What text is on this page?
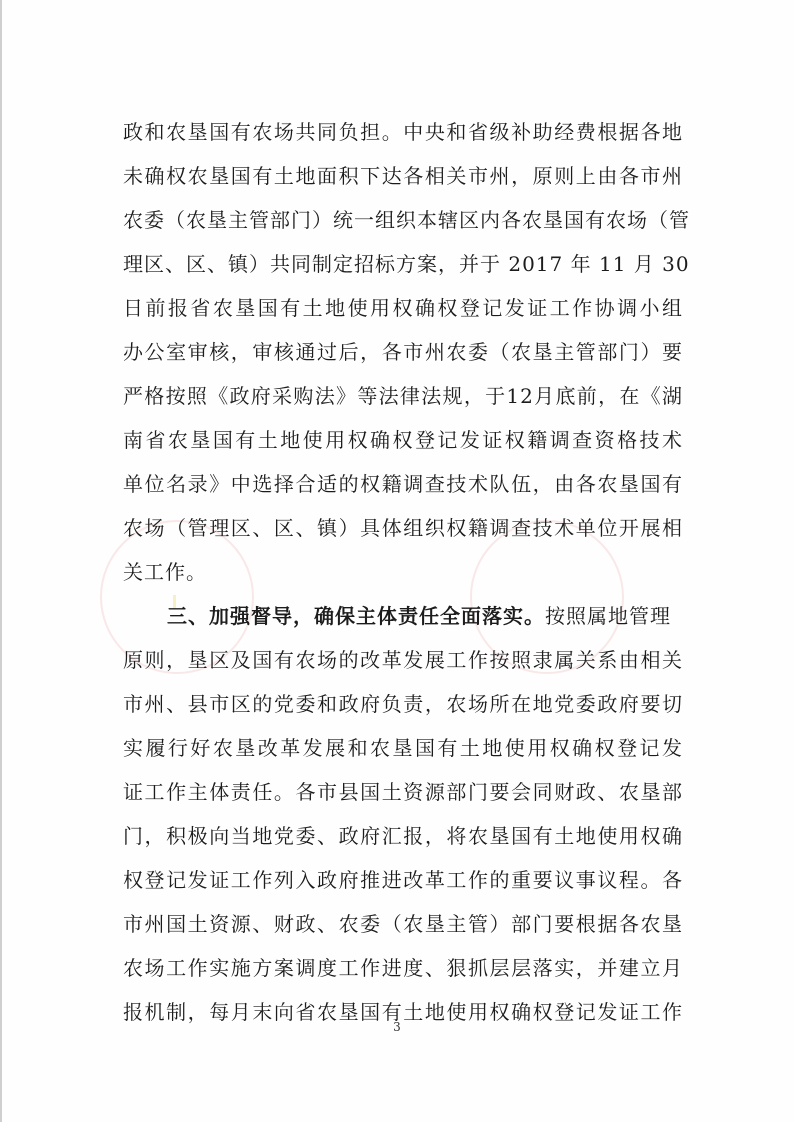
政和农垦国有农场共同负担。中央和省级补助经费根据各地
未确权农垦国有土地面积下达各相关市州，原则上由各市州
农委（农垦主管部门）统一组织本辖区内各农垦国有农场（管
理区、区、镇）共同制定招标方案，并于 2017 年 11 月 30
日前报省农垦国有土地使用权确权登记发证工作协调小组
办公室审核，审核通过后，各市州农委（农垦主管部门）要
严格按照《政府采购法》等法律法规，于12月底前，在《湖
南省农垦国有土地使用权确权登记发证权籍调查资格技术
单位名录》中选择合适的权籍调查技术队伍，由各农垦国有
农场（管理区、区、镇）具体组织权籍调查技术单位开展相
关工作。
三、加强督导，确保主体责任全面落实。按照属地管理
原则，垦区及国有农场的改革发展工作按照隶属关系由相关
市州、县市区的党委和政府负责，农场所在地党委政府要切
实履行好农垦改革发展和农垦国有土地使用权确权登记发
证工作主体责任。各市县国土资源部门要会同财政、农垦部
门，积极向当地党委、政府汇报，将农垦国有土地使用权确
权登记发证工作列入政府推进改革工作的重要议事议程。各
市州国土资源、财政、农委（农垦主管）部门要根据各农垦
农场工作实施方案调度工作进度、狠抓层层落实，并建立月
报机制，每月末向省农垦国有土地使用权确权登记发证工作
3
